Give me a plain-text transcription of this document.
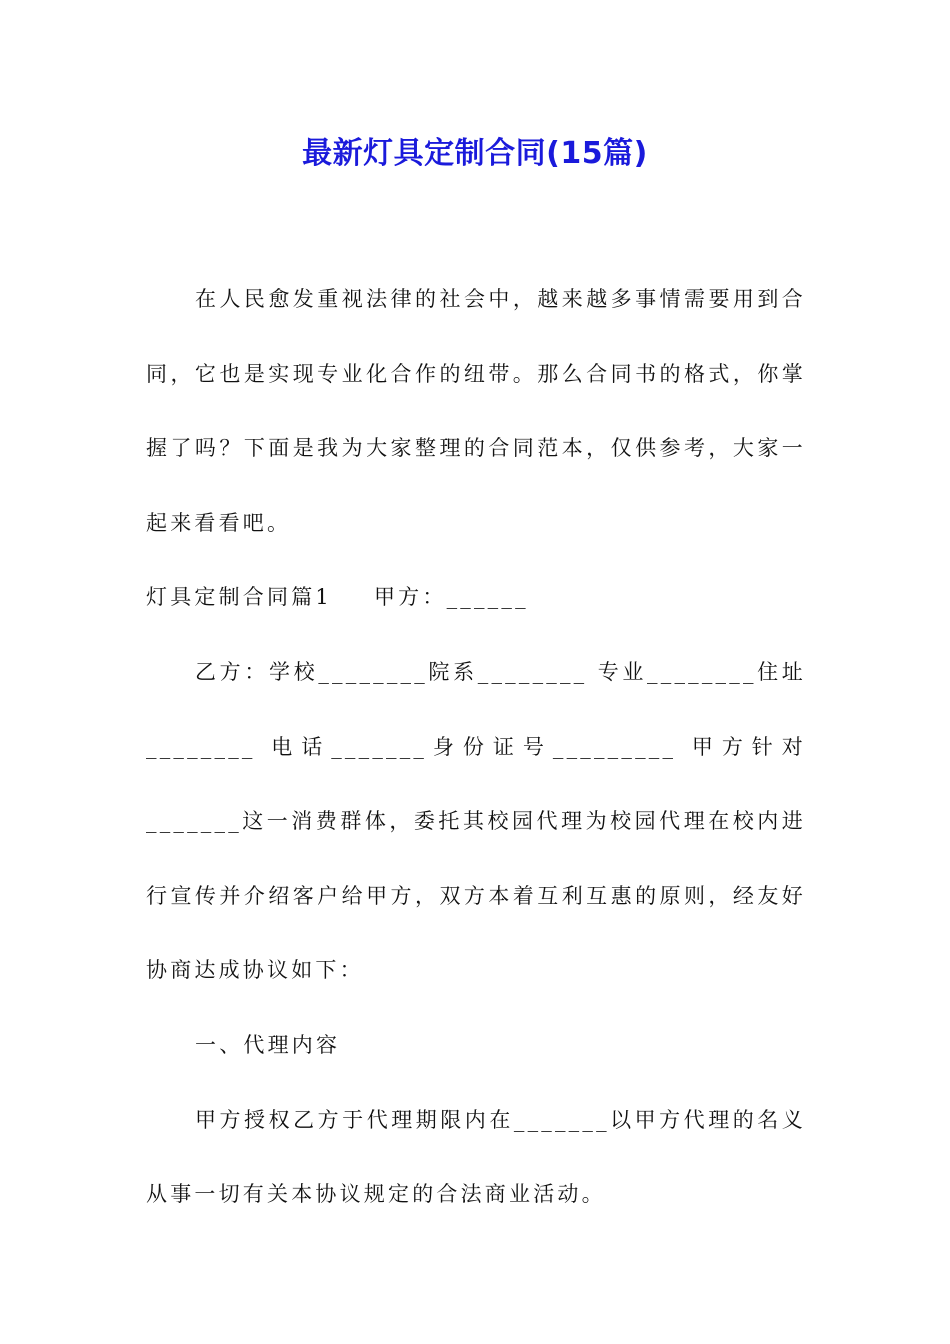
最新灯具定制合同(15篇)

在人民愈发重视法律的社会中，越来越多事情需要用到合同，它也是实现专业化合作的纽带。那么合同书的格式，你掌握了吗？下面是我为大家整理的合同范本，仅供参考，大家一起来看看吧。

灯具定制合同篇1 甲方：______

乙方：学校________院系________ 专业________住址________ 电话_______身份证号_________ 甲方针对_______这一消费群体，委托其校园代理为校园代理在校内进行宣传并介绍客户给甲方，双方本着互利互惠的原则，经友好协商达成协议如下：

一、代理内容

甲方授权乙方于代理期限内在_______以甲方代理的名义从事一切有关本协议规定的合法商业活动。
